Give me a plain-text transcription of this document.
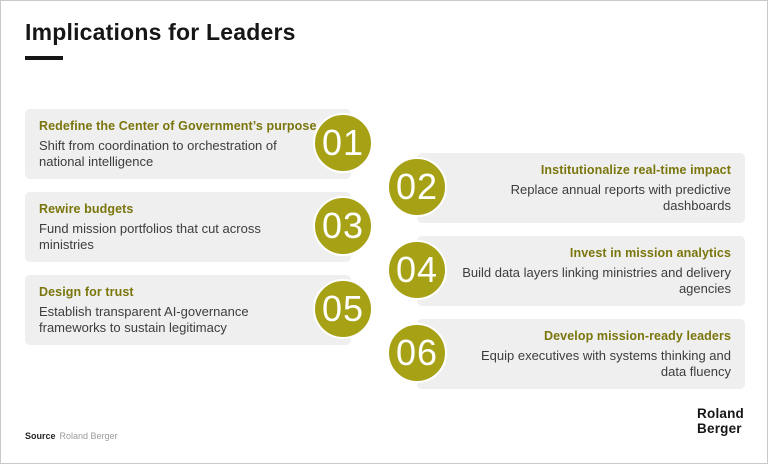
Implications for Leaders
Redefine the Center of Government’s purpose
Shift from coordination to orchestration of national intelligence	01
Institutionalize real-time impact
Replace annual reports with predictive dashboards
02
Rewire budgets
Fund mission portfolios that cut across ministries	03
Invest in mission analytics
Build data layers linking ministries and delivery agencies
04
Design for trust
Establish transparent AI-governance frameworks to sustain legitimacy	05
Develop mission-ready leaders
Equip executives with systems thinking and data fluency
06
Source Roland Berger
Roland
Berger
